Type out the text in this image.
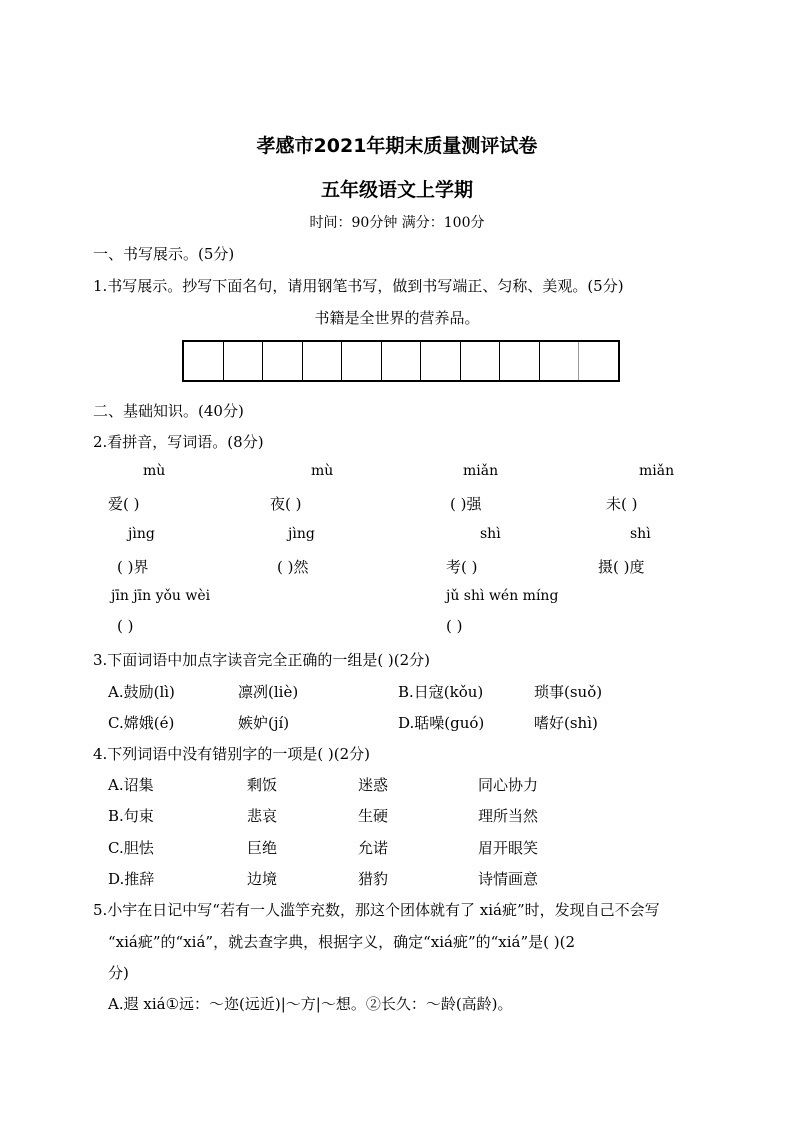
孝感市2021年期末质量测评试卷
五年级语文上学期
时间：90分钟 满分：100分
一、书写展示。(5分)
1.书写展示。抄写下面名句，请用钢笔书写，做到书写端正、匀称、美观。(5分)
书籍是全世界的营养品。
二、基础知识。(40分)
2.看拼音，写词语。(8分)
mù	mù	miǎn	miǎn
爱( )	夜( )	( )强	未( )
jìng	jìng	shì	shì
( )界	( )然	考( )	摄( )度
jīn jīn yǒu wèi	jǔ shì wén míng
( )	( )
3.下面词语中加点字读音完全正确的一组是( )(2分)
A.鼓励(lì)	凛冽(liè)	B.日寇(kǒu)	琐事(suǒ)
C.嫦娥(é)	嫉妒(jí)	D.聒噪(guó)	嗜好(shì)
4.下列词语中没有错别字的一项是( )(2分)
A.诏集	剩饭	迷惑	同心协力
B.句束	悲哀	生硬	理所当然
C.胆怯	巨绝	允诺	眉开眼笑
D.推辞	边境	猎豹	诗情画意
5.小宇在日记中写“若有一人滥竽充数，那这个团体就有了 xiá疵”时，发现自己不会写
“xiá疵”的“xiá”，就去查字典，根据字义，确定“xiá疵”的“xiá”是( )(2
分)
A.遐 xiá①远：～迩(远近)|～方|～想。②长久：～龄(高龄)。
